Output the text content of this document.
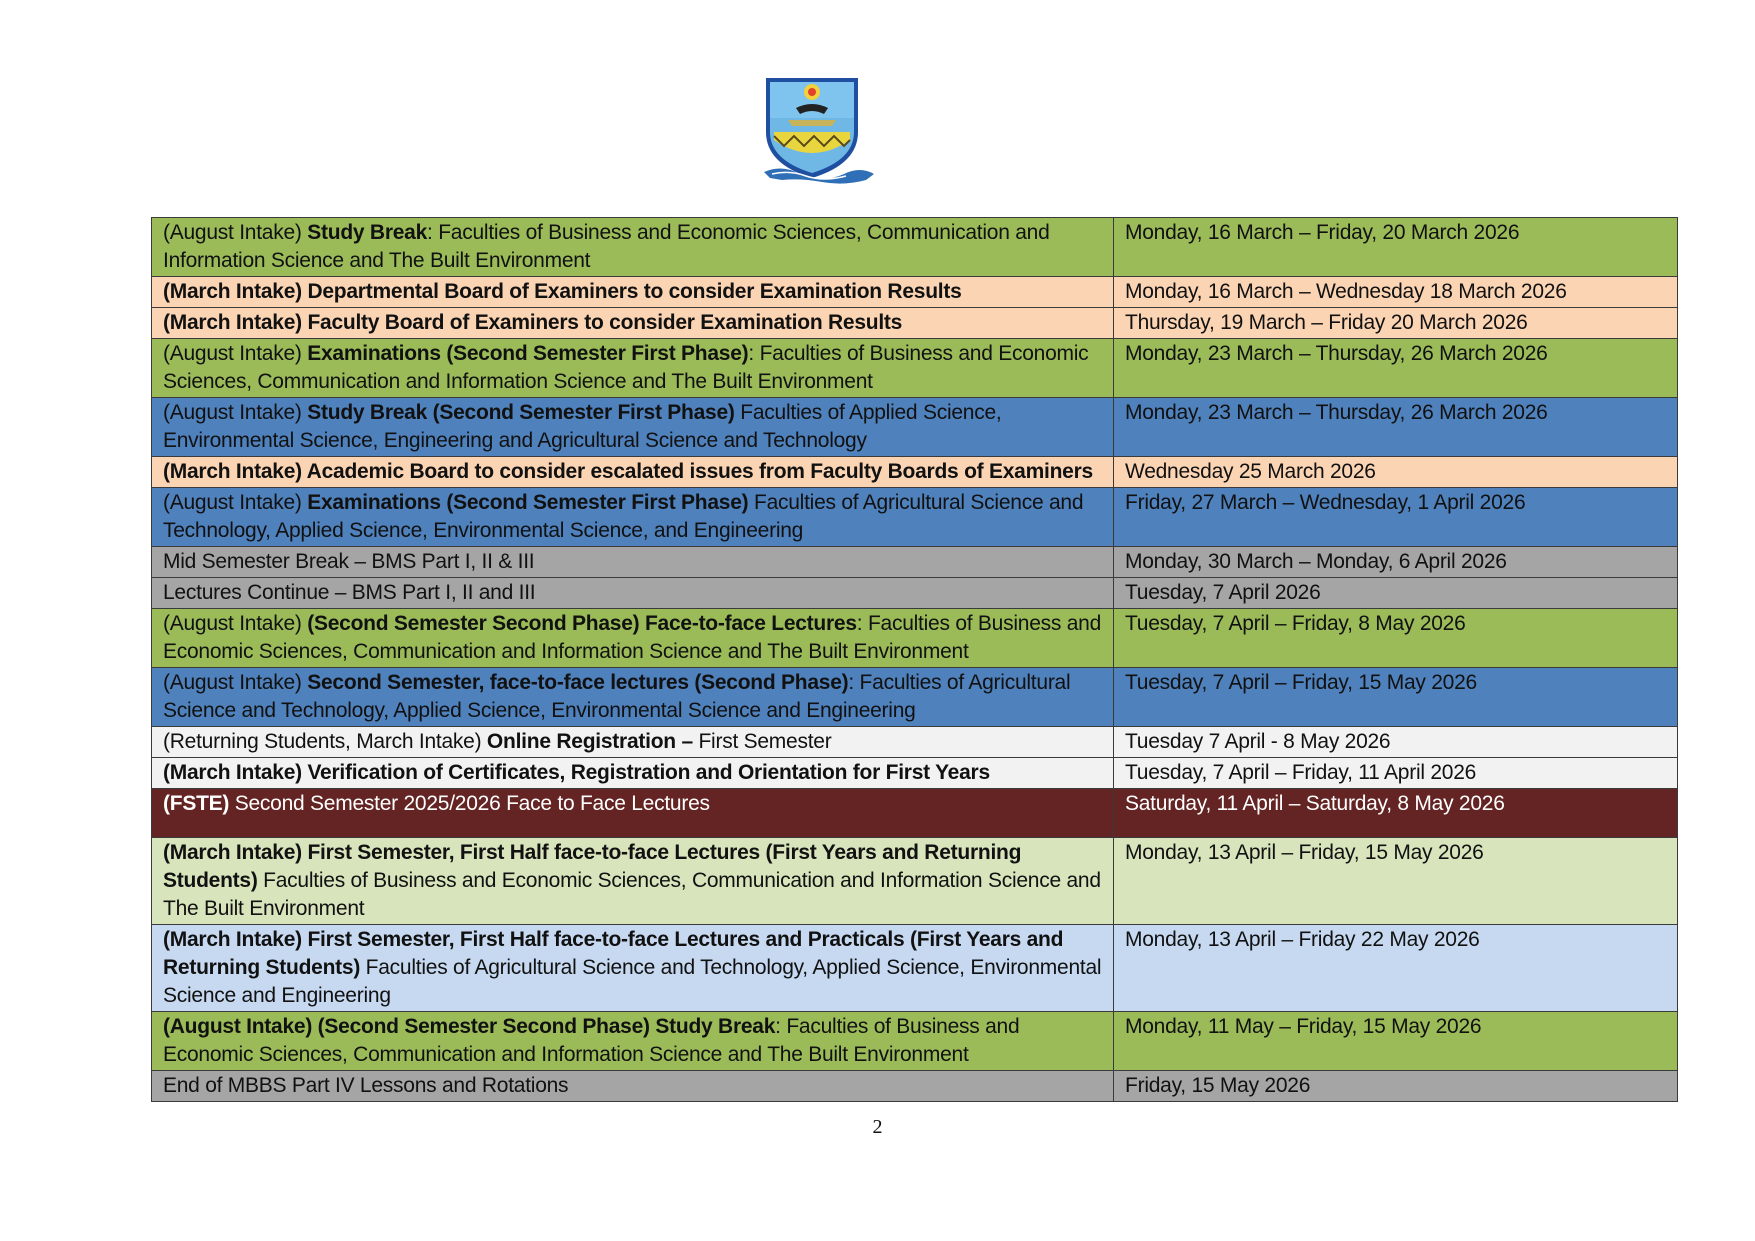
(August Intake) Study Break: Faculties of Business and Economic Sciences, Communication and Information Science and The Built Environment	Monday, 16 March – Friday, 20 March 2026
(March Intake) Departmental Board of Examiners to consider Examination Results	Monday, 16 March – Wednesday 18 March 2026
(March Intake) Faculty Board of Examiners to consider Examination Results	Thursday, 19 March – Friday 20 March 2026
(August Intake) Examinations (Second Semester First Phase): Faculties of Business and Economic Sciences, Communication and Information Science and The Built Environment	Monday, 23 March – Thursday, 26 March 2026
(August Intake) Study Break (Second Semester First Phase) Faculties of Applied Science, Environmental Science, Engineering and Agricultural Science and Technology	Monday, 23 March – Thursday, 26 March 2026
(March Intake) Academic Board to consider escalated issues from Faculty Boards of Examiners	Wednesday 25 March 2026
(August Intake) Examinations (Second Semester First Phase) Faculties of Agricultural Science and Technology, Applied Science, Environmental Science, and Engineering	Friday, 27 March – Wednesday, 1 April 2026
Mid Semester Break – BMS Part I, II & III	Monday, 30 March – Monday, 6 April 2026
Lectures Continue – BMS Part I, II and III	Tuesday, 7 April 2026
(August Intake) (Second Semester Second Phase) Face-to-face Lectures: Faculties of Business and Economic Sciences, Communication and Information Science and The Built Environment	Tuesday, 7 April – Friday, 8 May 2026
(August Intake) Second Semester, face-to-face lectures (Second Phase): Faculties of Agricultural Science and Technology, Applied Science, Environmental Science and Engineering	Tuesday, 7 April – Friday, 15 May 2026
(Returning Students, March Intake) Online Registration – First Semester	Tuesday 7 April - 8 May 2026
(March Intake) Verification of Certificates, Registration and Orientation for First Years	Tuesday, 7 April – Friday, 11 April 2026
(FSTE) Second Semester 2025/2026 Face to Face Lectures	Saturday, 11 April – Saturday, 8 May 2026
(March Intake) First Semester, First Half face-to-face Lectures (First Years and Returning Students) Faculties of Business and Economic Sciences, Communication and Information Science and The Built Environment	Monday, 13 April – Friday, 15 May 2026
(March Intake) First Semester, First Half face-to-face Lectures and Practicals (First Years and Returning Students) Faculties of Agricultural Science and Technology, Applied Science, Environmental Science and Engineering	Monday, 13 April – Friday 22 May 2026
(August Intake) (Second Semester Second Phase) Study Break: Faculties of Business and Economic Sciences, Communication and Information Science and The Built Environment	Monday, 11 May – Friday, 15 May 2026
End of MBBS Part IV Lessons and Rotations	Friday, 15 May 2026
2
